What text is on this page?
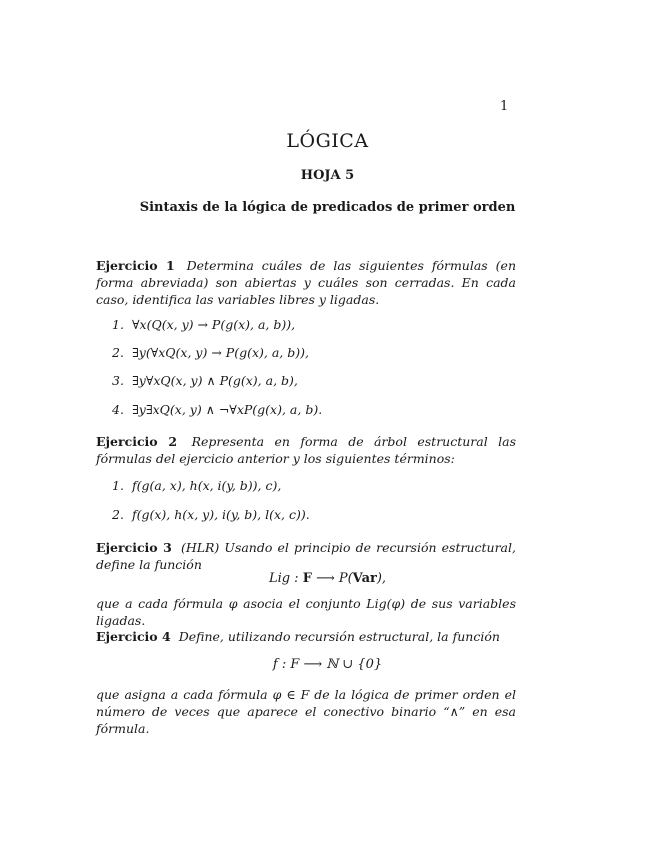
1
LÓGICA
HOJA 5
Sintaxis de la lógica de predicados de primer orden
Ejercicio 1 Determina cuáles de las siguientes fórmulas (en forma abreviada) son abiertas y cuáles son cerradas. En cada caso, identifica las variables libres y ligadas.
1. ∀x(Q(x, y) → P(g(x), a, b)),
2. ∃y(∀xQ(x, y) → P(g(x), a, b)),
3. ∃y∀xQ(x, y) ∧ P(g(x), a, b),
4. ∃y∃xQ(x, y) ∧ ¬∀xP(g(x), a, b).
Ejercicio 2 Representa en forma de árbol estructural las fórmulas del ejercicio anterior y los siguientes términos:
1. f(g(a, x), h(x, i(y, b)), c),
2. f(g(x), h(x, y), i(y, b), l(x, c)).
Ejercicio 3 (HLR) Usando el principio de recursión estructural, define la función
Lig : F ⟶ P(Var),
que a cada fórmula φ asocia el conjunto Lig(φ) de sus variables ligadas.
Ejercicio 4 Define, utilizando recursión estructural, la función
f : F ⟶ ℕ ∪ {0}
que asigna a cada fórmula φ ∈ F de la lógica de primer orden el número de veces que aparece el conectivo binario “∧” en esa fórmula.
